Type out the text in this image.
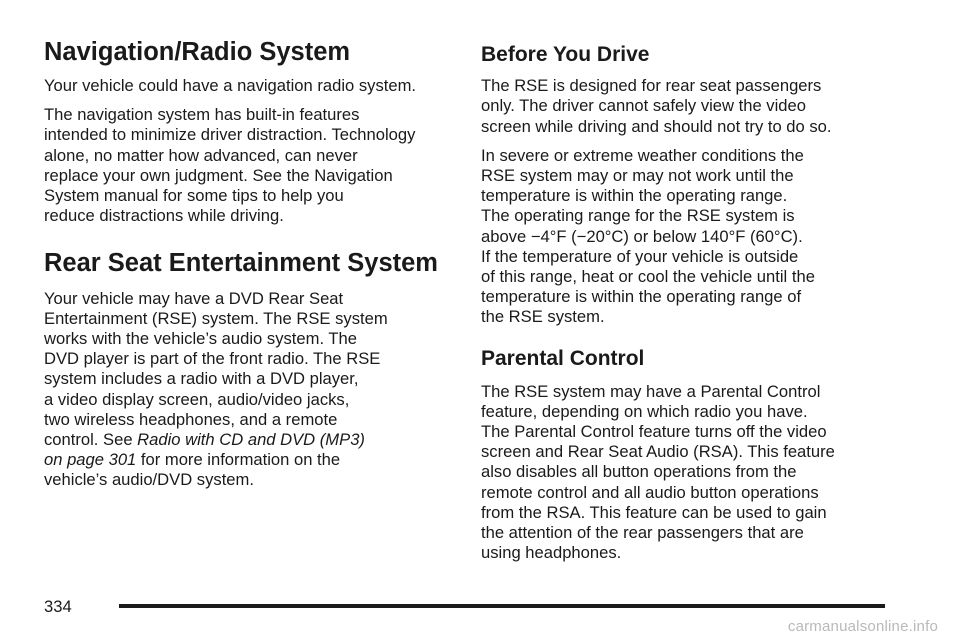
Navigation/Radio System

Your vehicle could have a navigation radio system.

The navigation system has built-in features
intended to minimize driver distraction. Technology
alone, no matter how advanced, can never
replace your own judgment. See the Navigation
System manual for some tips to help you
reduce distractions while driving.

Rear Seat Entertainment System

Your vehicle may have a DVD Rear Seat
Entertainment (RSE) system. The RSE system
works with the vehicle’s audio system. The
DVD player is part of the front radio. The RSE
system includes a radio with a DVD player,
a video display screen, audio/video jacks,
two wireless headphones, and a remote
control. See Radio with CD and DVD (MP3)
on page 301 for more information on the
vehicle’s audio/DVD system.

Before You Drive

The RSE is designed for rear seat passengers
only. The driver cannot safely view the video
screen while driving and should not try to do so.

In severe or extreme weather conditions the
RSE system may or may not work until the
temperature is within the operating range.
The operating range for the RSE system is
above −4°F (−20°C) or below 140°F (60°C).
If the temperature of your vehicle is outside
of this range, heat or cool the vehicle until the
temperature is within the operating range of
the RSE system.

Parental Control

The RSE system may have a Parental Control
feature, depending on which radio you have.
The Parental Control feature turns off the video
screen and Rear Seat Audio (RSA). This feature
also disables all button operations from the
remote control and all audio button operations
from the RSA. This feature can be used to gain
the attention of the rear passengers that are
using headphones.

334
carmanualsonline.info
